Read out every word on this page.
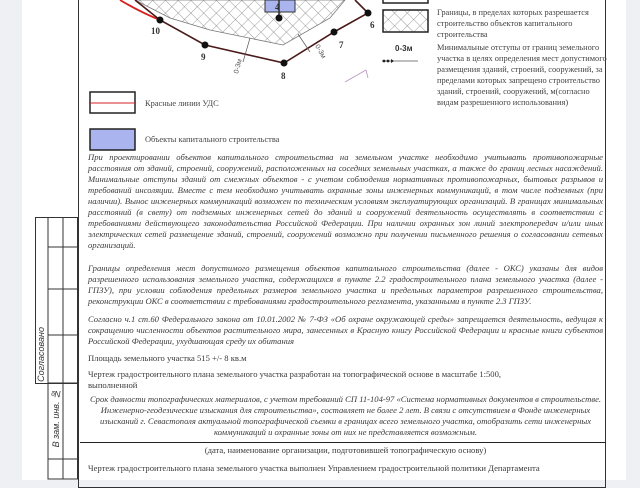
4
6
7
8
9
10
0-3м
0-3м	0-3м
Границы, в пределах которых разрешается строительство объектов капитального строительства
Минимальные отступы от границ земельного участка в целях определения мест допустимого размещения зданий, строений, сооружений, за пределами которых запрещено строительство зданий, строений, сооружений, м(согласно видам разрешенного использования)
Красные линии УДС
Объекты капитального строительства
При проектировании объектов капитального строительства на земельном участке необходимо учитывать противопожарные расстояния от зданий, строений, сооружений, расположенных на соседних земельных участках, а также до границ лесных насаждений. Минимальные отступы зданий от смежных объектов - с учетом соблюдения нормативных противопожарных, бытовых разрывов и требований инсоляции. Вместе с тем необходимо учитывать охранные зоны инженерных коммуникаций, в том числе подземных (при наличии). Вынос инженерных коммуникаций возможен по техническим условиям эксплуатирующих организаций. В границах минимальных расстояний (в свету) от подземных инженерных сетей до зданий и сооружений деятельность осуществлять в соответствии с требованиями действующего законодательства Российской Федерации. При наличии охранных зон линий электропередач и/или иных электрических сетей размещение зданий, строений, сооружений возможно при получении письменного решения о согласовании сетевых организаций.
Границы определения мест допустимого размещения объектов капитального строительства (далее - ОКС) указаны для видов разрешенного использования земельного участка, содержащихся в пункте 2.2 градостроительного плана земельного участка (далее - ГПЗУ), при условии соблюдения предельных размеров земельного участка и предельных параметров разрешенного строительства, реконструкции ОКС в соответствии с требованиями градостроительного регламента, указанными в пункте 2.3 ГПЗУ.
Согласно ч.1 ст.60 Федерального закона от 10.01.2002 № 7-ФЗ «Об охране окружающей среды» запрещается деятельность, ведущая к сокращению численности объектов растительного мира, занесенных в Красную книгу Российской Федерации и красные книги субъектов Российской Федерации, ухудшающая среду их обитания
Площадь земельного участка 515 +/- 8 кв.м
Чертеж градостроительного плана земельного участка разработан на топографической основе в масштабе 1:500,
выполненной
Срок давности топографических материалов, с учетом требований СП 11-104-97 «Система нормативных документов в строительстве. Инженерно-геодезические изыскания для строительства», составляет не более 2 лет. В связи с отсутствием в Фонде инженерных изысканий г. Севастополя актуальной топографической съемки в границах всего земельного участка, отобразить сети инженерных коммуникаций и охранные зоны от них не представляется возможным.
(дата, наименование организации, подготовившей топографическую основу)
Чертеж градостроительного плана земельного участка выполнен Управлением градостроительной политики Департамента
Согласовано
В зам. инв. №
